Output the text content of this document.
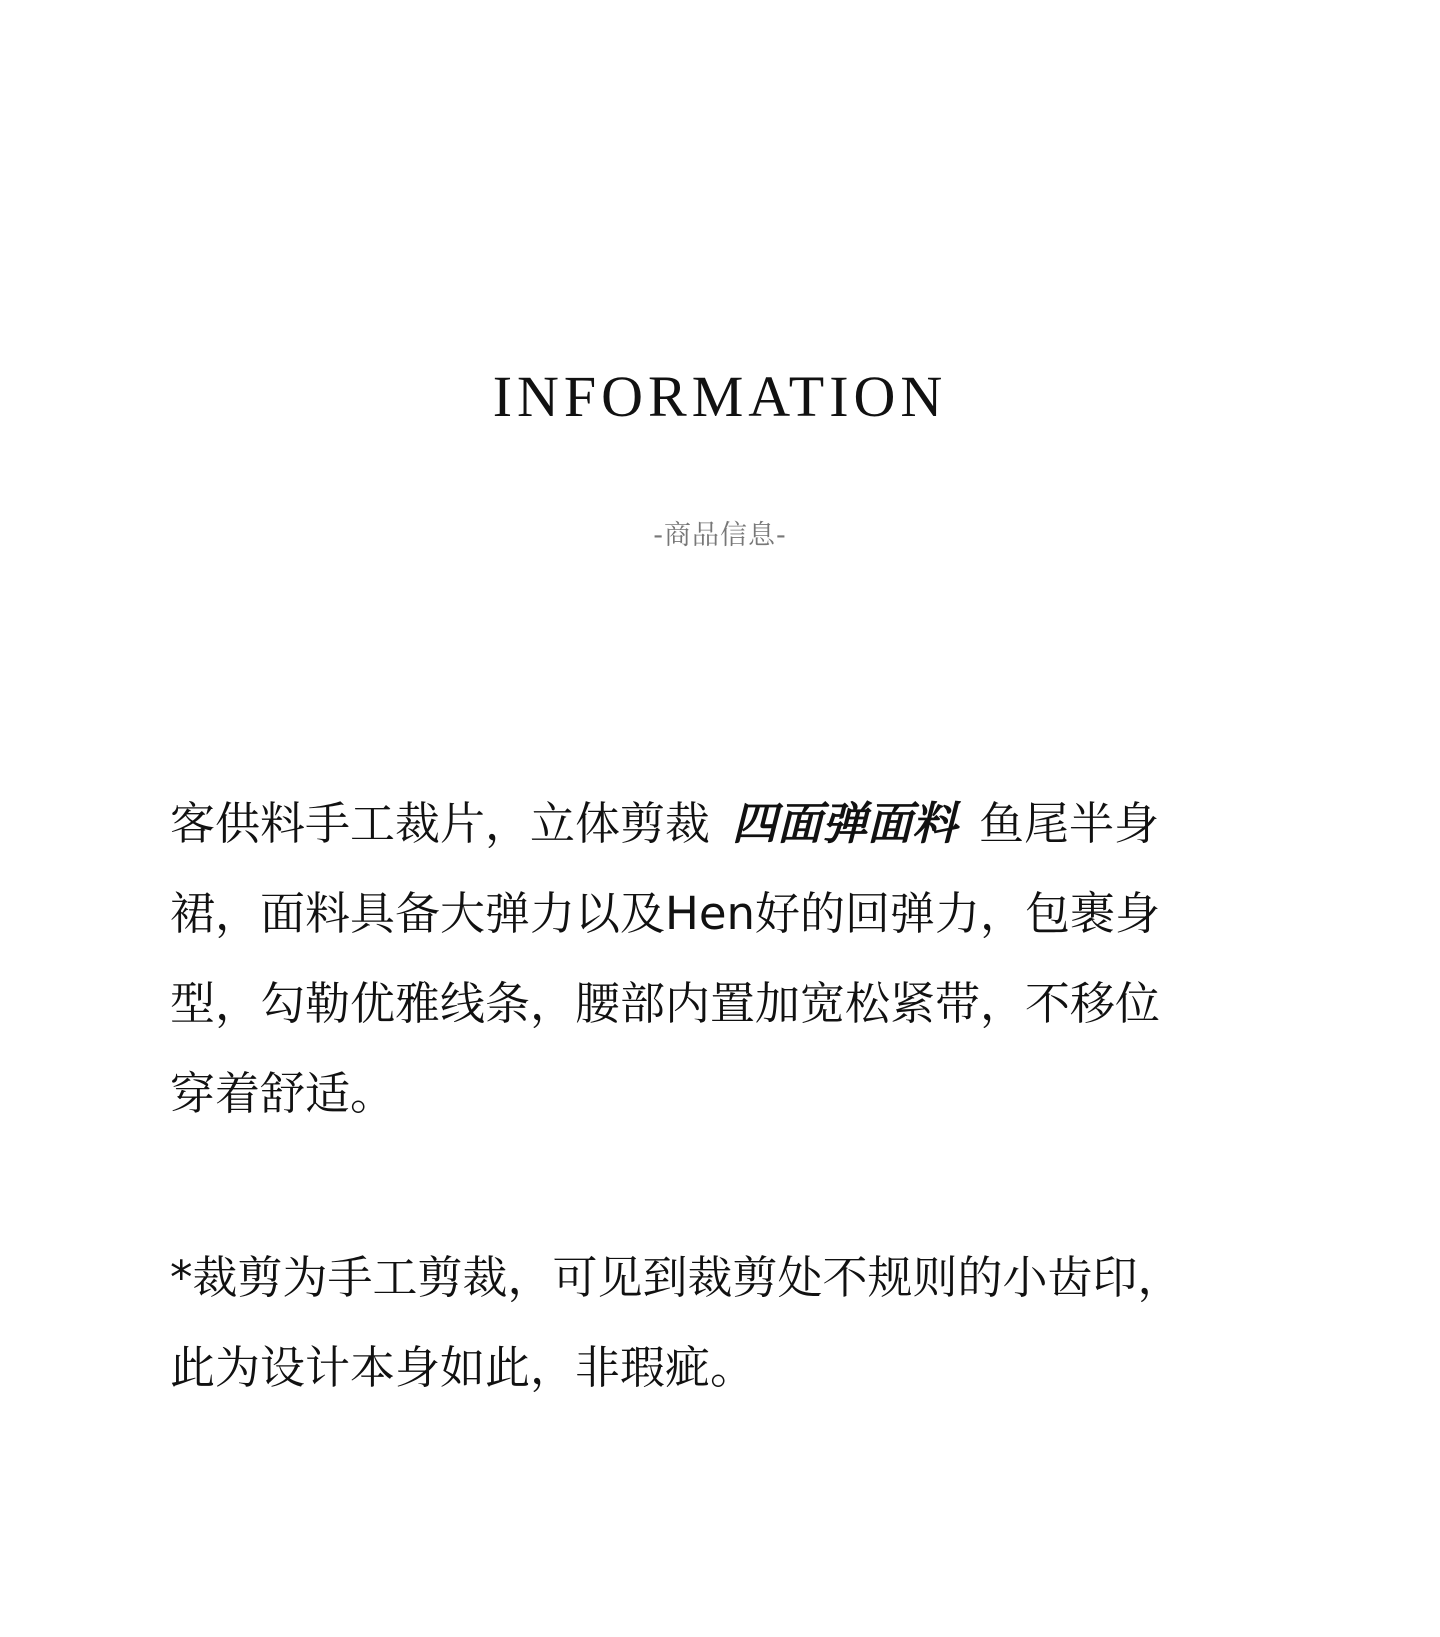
INFORMATION
-商品信息-
客供料手工裁片，立体剪裁 四面弹面料 鱼尾半身
裙，面料具备大弹力以及Hen好的回弹力，包裹身
型，勾勒优雅线条，腰部内置加宽松紧带，不移位
穿着舒适。
*裁剪为手工剪裁，可见到裁剪处不规则的小齿印，
此为设计本身如此，非瑕疵。
